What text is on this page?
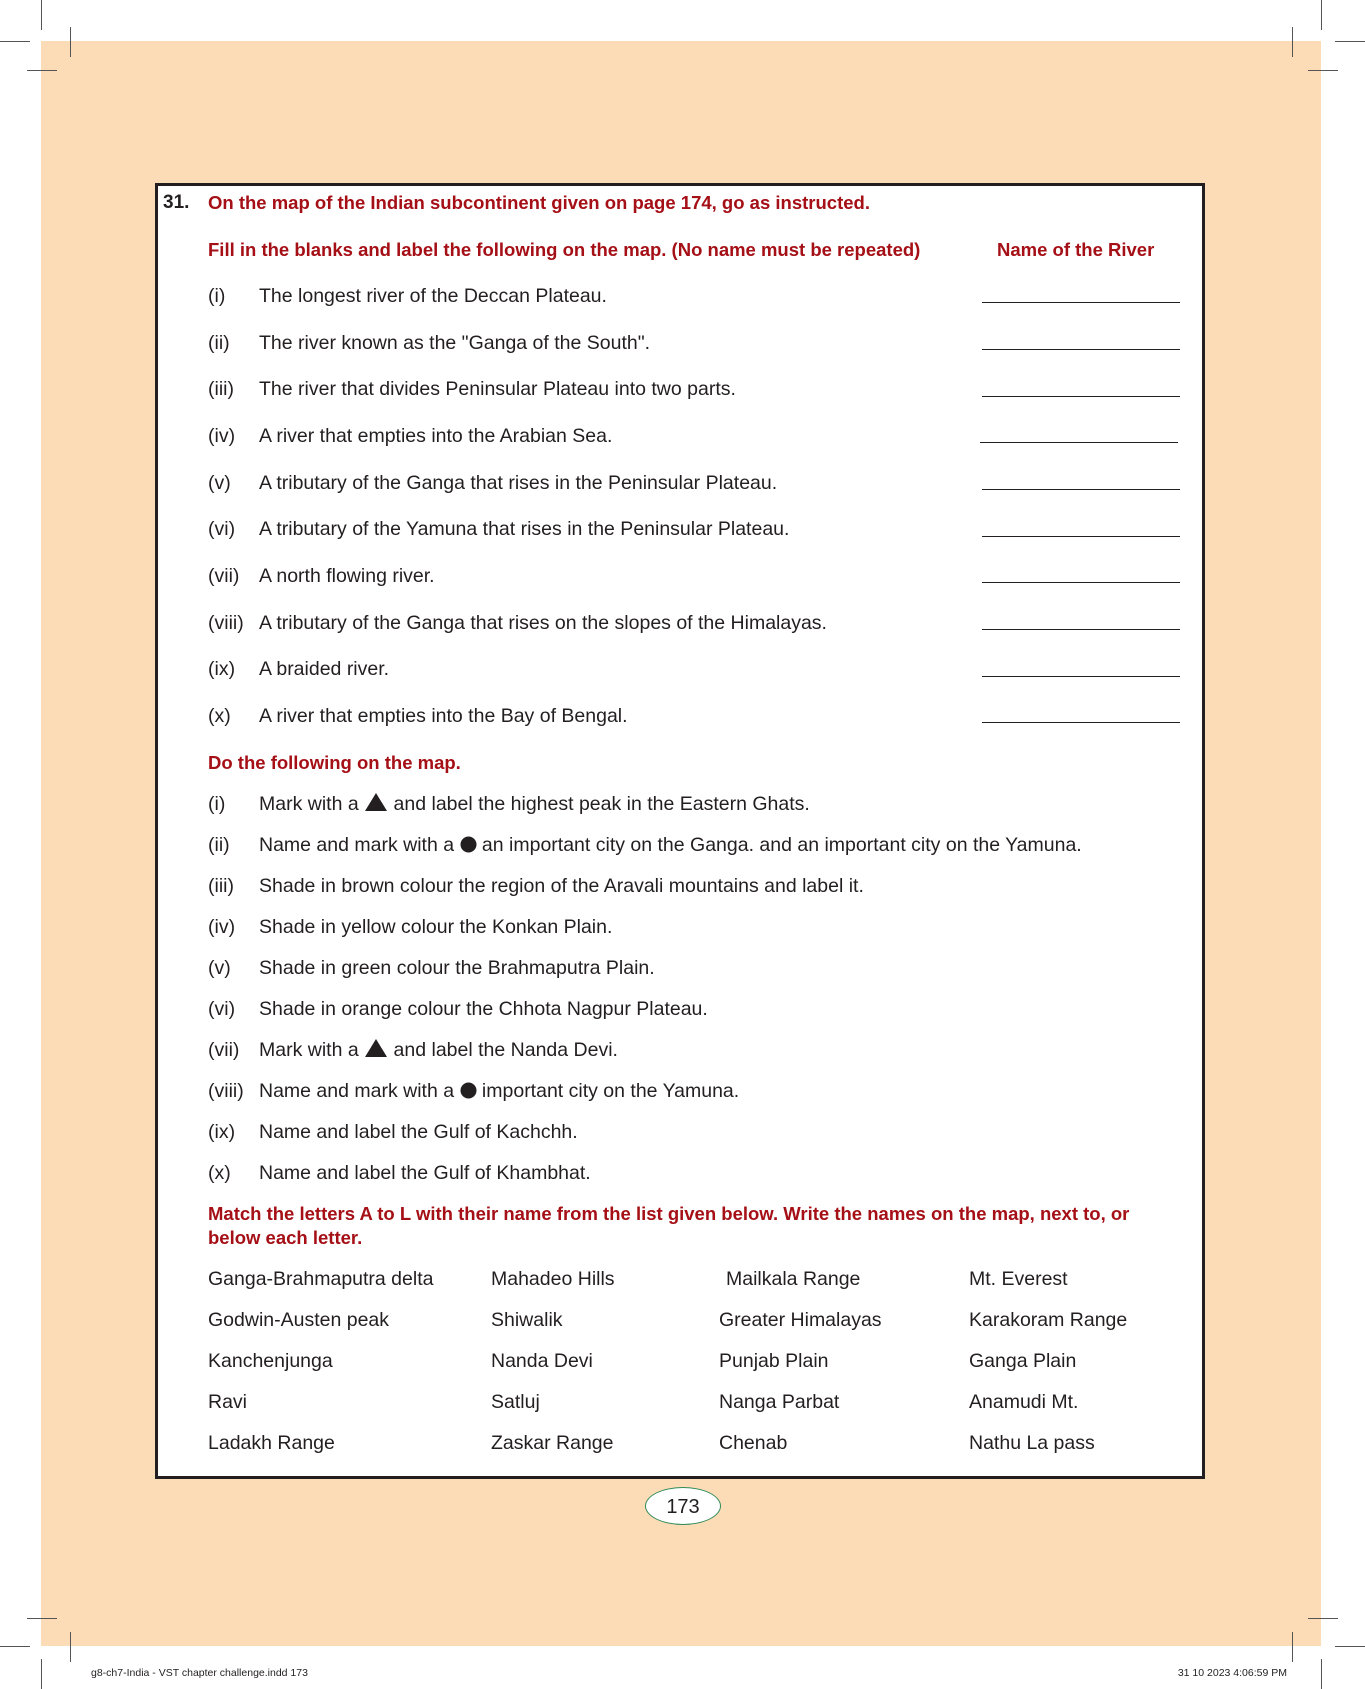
31. On the map of the Indian subcontinent given on page 174, go as instructed.
Fill in the blanks and label the following on the map. (No name must be repeated)	Name of the River
(i) The longest river of the Deccan Plateau.
(ii) The river known as the "Ganga of the South".
(iii) The river that divides Peninsular Plateau into two parts.
(iv) A river that empties into the Arabian Sea.
(v) A tributary of the Ganga that rises in the Peninsular Plateau.
(vi) A tributary of the Yamuna that rises in the Peninsular Plateau.
(vii) A north flowing river.
(viii) A tributary of the Ganga that rises on the slopes of the Himalayas.
(ix) A braided river.
(x) A river that empties into the Bay of Bengal.
Do the following on the map.
(i) Mark with a and label the highest peak in the Eastern Ghats.
(ii) Name and mark with a an important city on the Ganga. and an important city on the Yamuna.
(iii) Shade in brown colour the region of the Aravali mountains and label it.
(iv) Shade in yellow colour the Konkan Plain.
(v) Shade in green colour the Brahmaputra Plain.
(vi) Shade in orange colour the Chhota Nagpur Plateau.
(vii) Mark with a and label the Nanda Devi.
(viii) Name and mark with a important city on the Yamuna.
(ix) Name and label the Gulf of Kachchh.
(x) Name and label the Gulf of Khambhat.
Match the letters A to L with their name from the list given below. Write the names on the map, next to, or
below each letter.
Ganga-Brahmaputra delta	Mahadeo Hills	Mailkala Range	Mt. Everest
Godwin-Austen peak	Shiwalik	Greater Himalayas	Karakoram Range
Kanchenjunga	Nanda Devi	Punjab Plain	Ganga Plain
Ravi	Satluj	Nanga Parbat	Anamudi Mt.
Ladakh Range	Zaskar Range	Chenab	Nathu La pass
173
g8-ch7-India - VST chapter challenge.indd 173	31 10 2023 4:06:59 PM
